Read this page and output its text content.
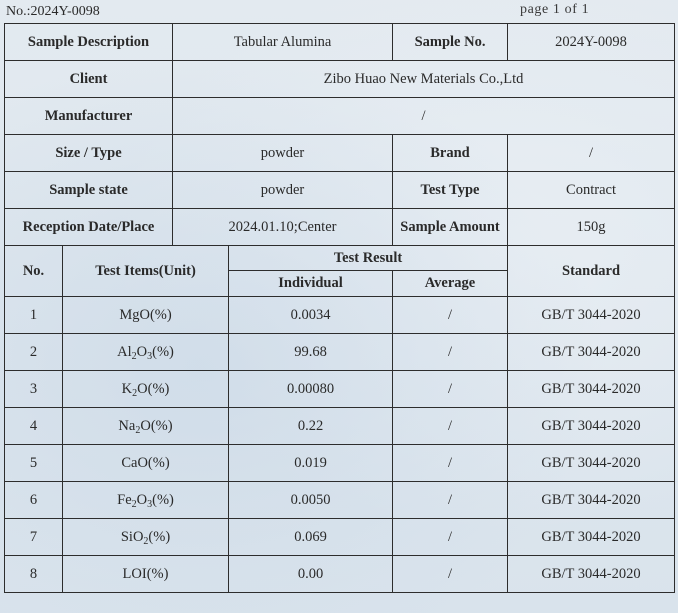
No.:2024Y-0098	page 1 of 1
Sample Description		Tabular Alumina		Sample No.	2024Y-0098
Client		Zibo Huao New Materials Co.,Ltd			
Manufacturer		/			
Size / Type		powder		Brand	/
Sample state		powder		Test Type	Contract
Reception Date/Place		2024.01.10;Center		Sample Amount	150g
No.	Test Items(Unit)		Test Result		Standard
			Individual	Average	
1	MgO(%)		0.0034	/	GB/T 3044-2020
2	$Al_2O_3(\%)$		99.68	/	GB/T 3044-2020
3	$K_2O(\%)$		0.00080	/	GB/T 3044-2020
4	$Na_2O(\%)$		0.22	/	GB/T 3044-2020
5	CaO(%)		0.019	/	GB/T 3044-2020
6	$Fe_2O_3(\%)$		0.0050	/	GB/T 3044-2020
7	SiO$_2$(%)		0.069	/	GB/T 3044-2020
8	LOI(%)		0.00	/	GB/T 3044-2020
